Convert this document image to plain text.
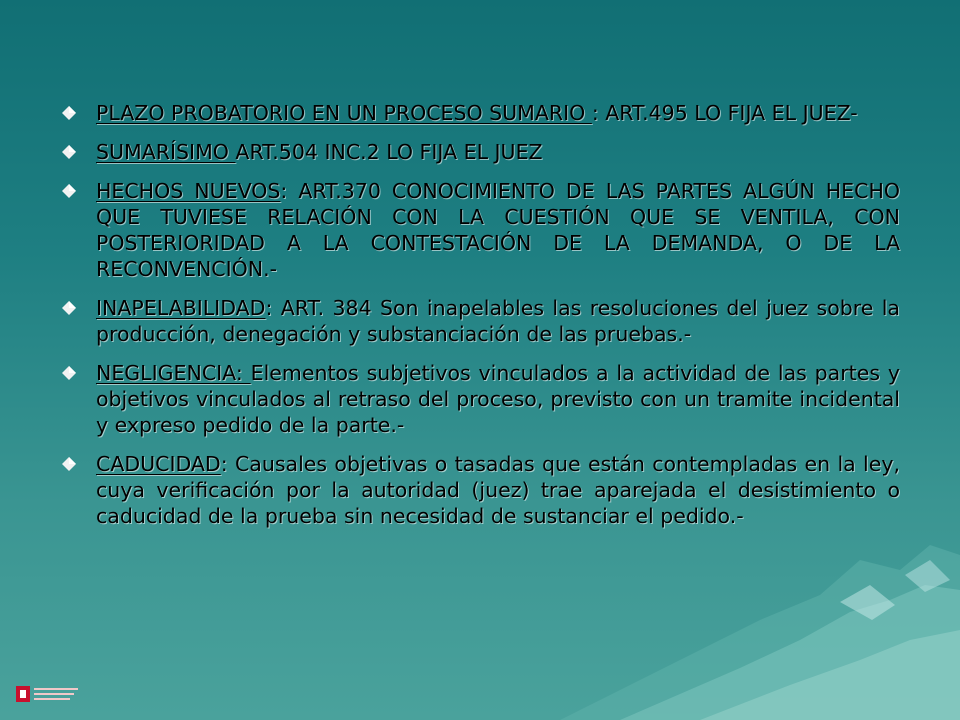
PLAZO PROBATORIO EN UN PROCESO SUMARIO : ART.495 LO FIJA EL JUEZ-
SUMARÍSIMO ART.504 INC.2 LO FIJA EL JUEZ
HECHOS NUEVOS: ART.370 CONOCIMIENTO DE LAS PARTES ALGÚN HECHO QUE TUVIESE RELACIÓN CON LA CUESTIÓN QUE SE VENTILA, CON POSTERIORIDAD A LA CONTESTACIÓN DE LA DEMANDA, O DE LA RECONVENCIÓN.-
INAPELABILIDAD: ART. 384 Son inapelables las resoluciones del juez sobre la producción, denegación y substanciación de las pruebas.-
NEGLIGENCIA: Elementos subjetivos vinculados a la actividad de las partes y objetivos vinculados al retraso del proceso, previsto con un tramite incidental y expreso pedido de la parte.-
CADUCIDAD: Causales objetivas o tasadas que están contempladas en la ley, cuya verificación por la autoridad (juez) trae aparejada el desistimiento o caducidad de la prueba sin necesidad de sustanciar el pedido.-
